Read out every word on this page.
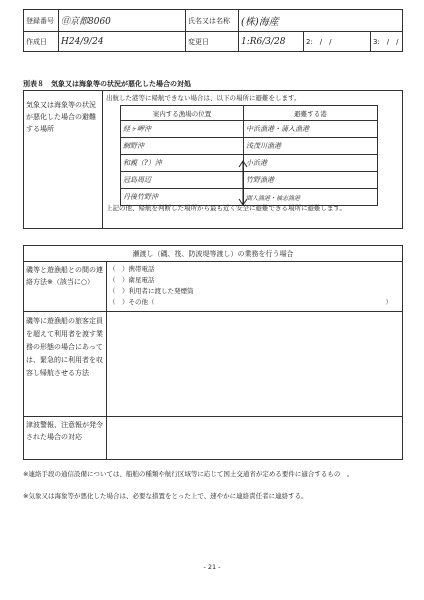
登録番号	㊐京都8060	氏名又は名称	(株)海産		
作成日	H24/9/24	変更日	1:R6/3/28	2:　/　/	3:　/　/
別表８　気象又は海象等の状況が悪化した場合の対処
気象又は海象等の状況が悪化した場合の避難する場所
出航した港等に帰航できない場合は、以下の場所に避難をします。
案内する漁場の位置	避難する港
経ヶ岬沖	中浜漁港・蒲入漁港
網野沖	浅茂川漁港
和親（?）沖	小浜港
冠島周辺	竹野漁港
丹後竹野沖	間人漁港・袖志漁港
上記の他、帰航を判断した場所から最も近く安全に避難できる場所に避難します。
瀬渡し（磯、筏、防波堤等渡し）の業務を行う場合	
磯等と遊漁船との間の連絡方法※（該当に○）	（　）携帯電話
（　）衛星電話
（　）利用者に渡した発煙筒
（　）その他（ ）

磯等に遊漁船の旅客定員を超えて利用者を渡す業務の形態の場合にあっては、緊急的に利用者を収容し帰航させる方法	
津波警報、注意報が発令された場合の対応	
※連絡手段の通信設備については、船舶の種類や航行区域等に応じて国土交通省が定める要件に適合するもの　。
※気象又は海象等が悪化した場合は、必要な措置をとった上で、速やかに連絡責任者に連絡する。
- 21 -
